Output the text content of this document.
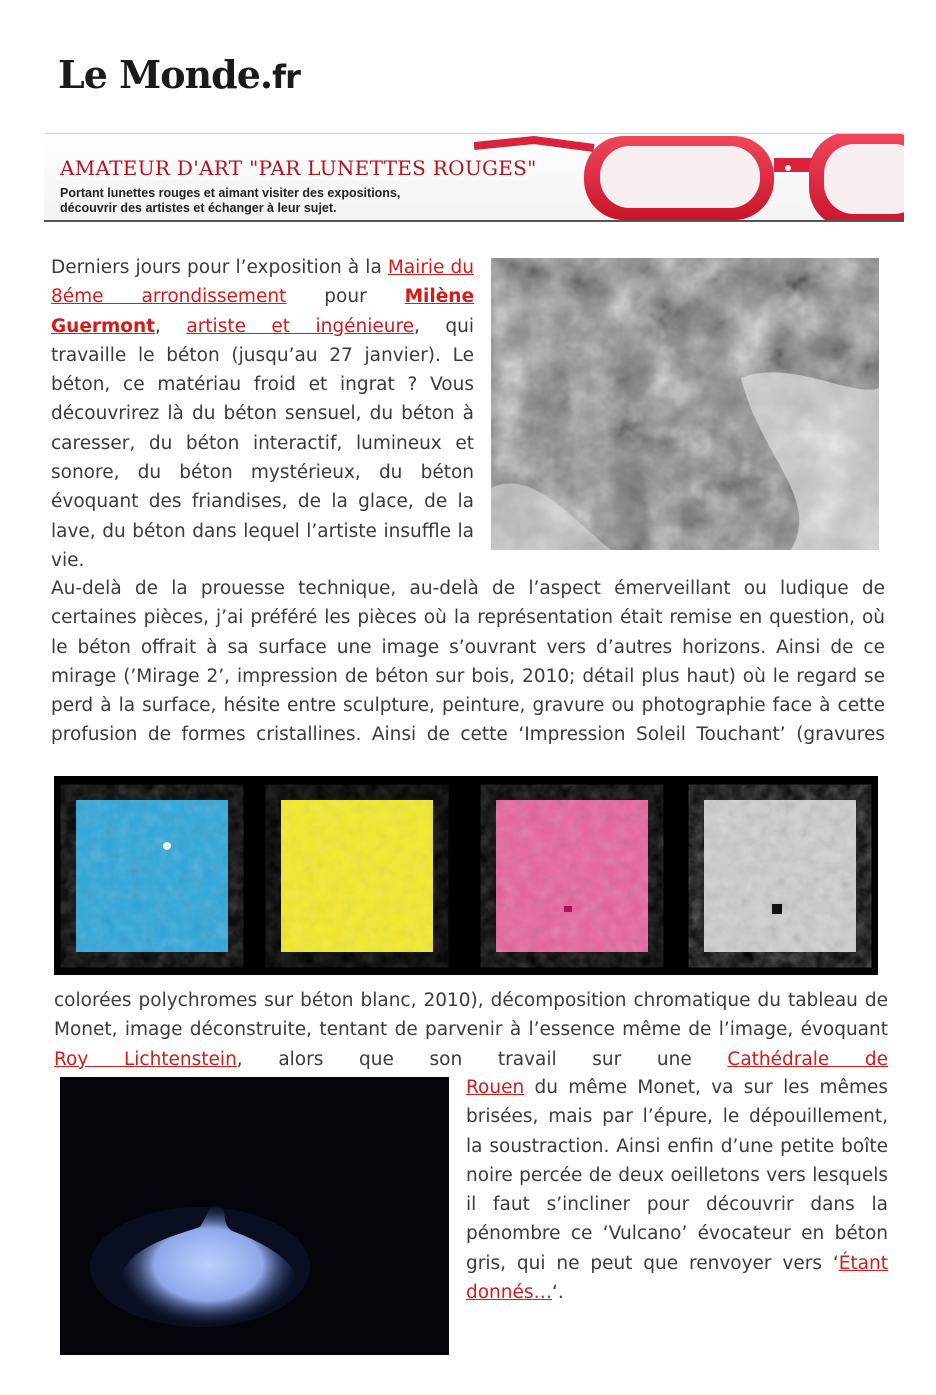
Le Monde.fr
AMATEUR D'ART "PAR LUNETTES ROUGES"
Portant lunettes rouges et aimant visiter des expositions,
découvrir des artistes et échanger à leur sujet.

Derniers jours pour l’exposition à la Mairie du 8éme arrondissement pour Milène Guermont, artiste et ingénieure, qui travaille le béton (jusqu’au 27 janvier). Le béton, ce matériau froid et ingrat ? Vous découvrirez là du béton sensuel, du béton à caresser, du béton interactif, lumineux et sonore, du béton mystérieux, du béton évoquant des friandises, de la glace, de la lave, du béton dans lequel l’artiste insuffle la vie.

Au-delà de la prouesse technique, au-delà de l’aspect émerveillant ou ludique de certaines pièces, j’ai préféré les pièces où la représentation était remise en question, où le béton offrait à sa surface une image s’ouvrant vers d’autres horizons. Ainsi de ce mirage (’Mirage 2’, impression de béton sur bois, 2010; détail plus haut) où le regard se perd à la surface, hésite entre sculpture, peinture, gravure ou photographie face à cette profusion de formes cristallines. Ainsi de cette ‘Impression Soleil Touchant’ (gravures

colorées polychromes sur béton blanc, 2010), décomposition chromatique du tableau de Monet, image déconstruite, tentant de parvenir à l’essence même de l’image, évoquant Roy Lichtenstein, alors que son travail sur une Cathédrale de

Rouen du même Monet, va sur les mêmes brisées, mais par l’épure, le dépouillement, la soustraction. Ainsi enfin d’une petite boîte noire percée de deux oeilletons vers lesquels il faut s’incliner pour découvrir dans la pénombre ce ‘Vulcano’ évocateur en béton gris, qui ne peut que renvoyer vers ‘Étant donnés…‘.
